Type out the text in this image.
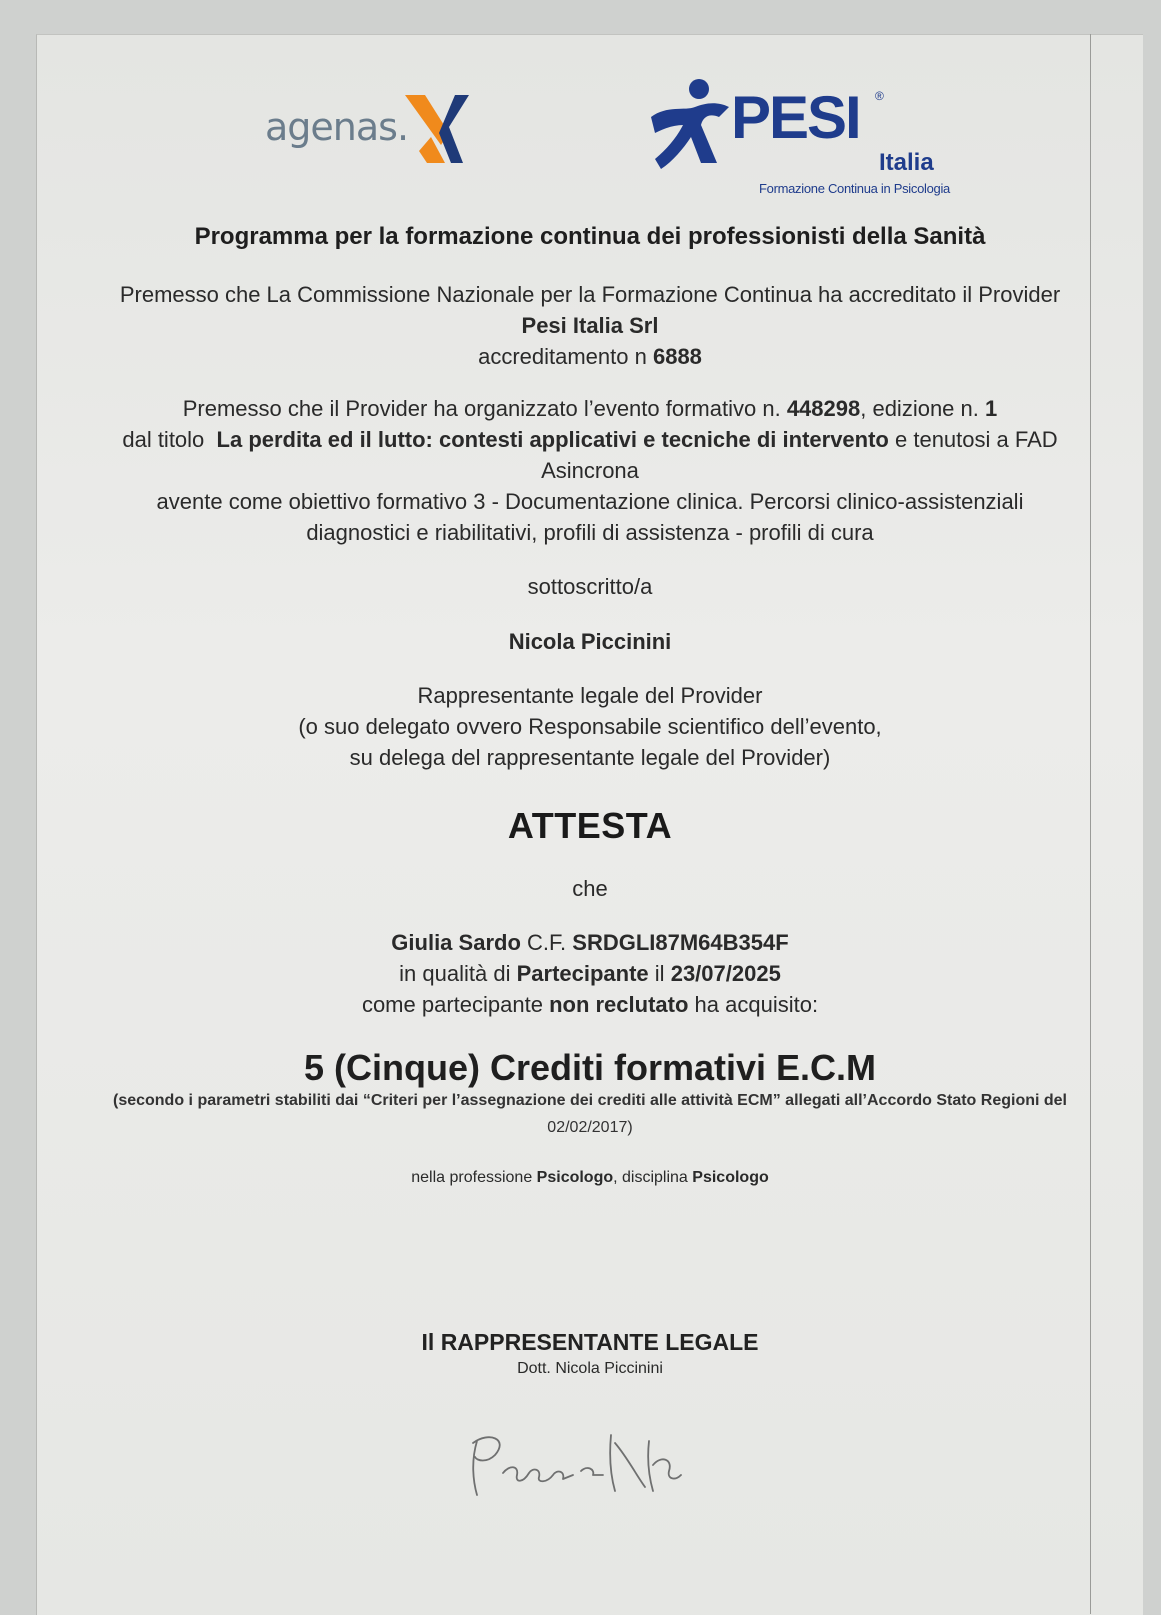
agenas.	PESI ®
Italia
Formazione Continua in Psicologia
Programma per la formazione continua dei professionisti della Sanità
Premesso che La Commissione Nazionale per la Formazione Continua ha accreditato il Provider
Pesi Italia Srl
accreditamento n 6888
Premesso che il Provider ha organizzato l’evento formativo n. 448298, edizione n. 1
dal titolo La perdita ed il lutto: contesti applicativi e tecniche di intervento e tenutosi a FAD
Asincrona
avente come obiettivo formativo 3 - Documentazione clinica. Percorsi clinico-assistenziali
diagnostici e riabilitativi, profili di assistenza - profili di cura
sottoscritto/a
Nicola Piccinini
Rappresentante legale del Provider
(o suo delegato ovvero Responsabile scientifico dell’evento,
su delega del rappresentante legale del Provider)
ATTESTA
che
Giulia Sardo C.F. SRDGLI87M64B354F
in qualità di Partecipante il 23/07/2025
come partecipante non reclutato ha acquisito:
5 (Cinque) Crediti formativi E.C.M
(secondo i parametri stabiliti dai “Criteri per l’assegnazione dei crediti alle attività ECM” allegati all’Accordo Stato Regioni del
02/02/2017)
nella professione Psicologo, disciplina Psicologo
Il RAPPRESENTANTE LEGALE
Dott. Nicola Piccinini
